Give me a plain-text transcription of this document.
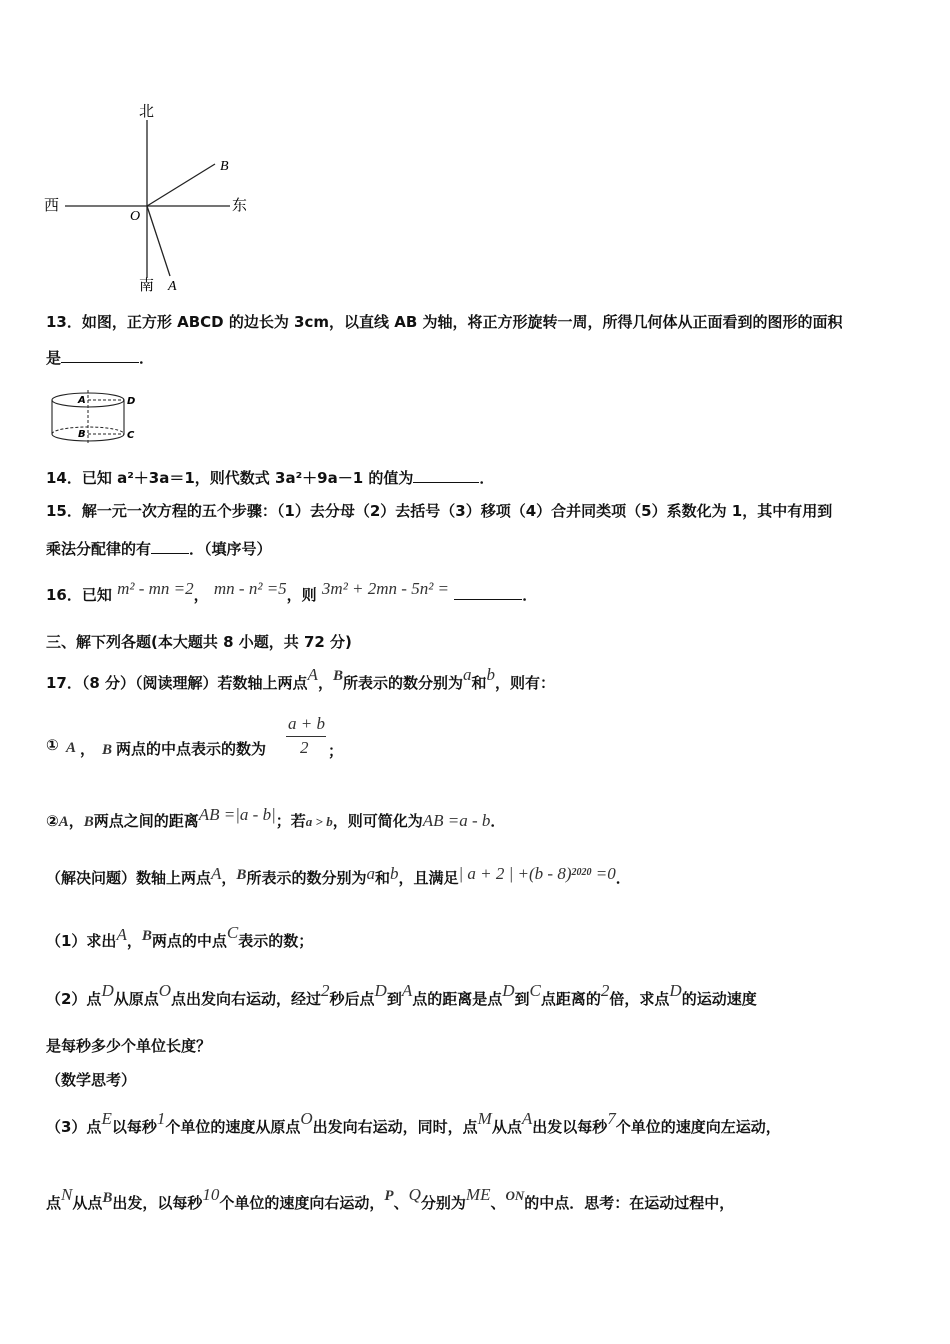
北
南
西	东
O
B
A
13．如图，正方形 ABCD 的边长为 3cm，以直线 AB 为轴，将正方形旋转一周，所得几何体从正面看到的图形的面积
是	．
A
B
D
C
14．已知 a²＋3a＝1，则代数式 3a²＋9a－1 的值为	．
15．解一元一次方程的五个步骤：（1）去分母（2）去括号（3）移项（4）合并同类项（5）系数化为 1，其中有用到
乘法分配律的有	．（填序号）
16．已知 m² - mn =2， mn - n² =5，则 3m² + 2mn - 5n² =	．
三、解下列各题(本大题共 8 小题，共 72 分)
17．（8 分）（阅读理解）若数轴上两点A，B所表示的数分别为a和b，则有：
① A ， B 两点的中点表示的数为
a + b
2 ；
②A，B两点之间的距离AB =|a - b|；若a > b，则可简化为AB =a - b．
（解决问题）数轴上两点A，B所表示的数分别为a和b，且满足| a + 2 | +(b - 8)$^{2020}$ =0．
（1）求出A，B两点的中点C表示的数；
（2）点D从原点O点出发向右运动，经过2秒后点D到A点的距离是点D到C点距离的2倍，求点D的运动速度
是每秒多少个单位长度？
（数学思考）
（3）点E以每秒1个单位的速度从原点O出发向右运动，同时，点M从点A出发以每秒7个单位的速度向左运动，
点N从点B出发，以每秒10个单位的速度向右运动，P、Q分别为ME、ON的中点．思考：在运动过程中，
